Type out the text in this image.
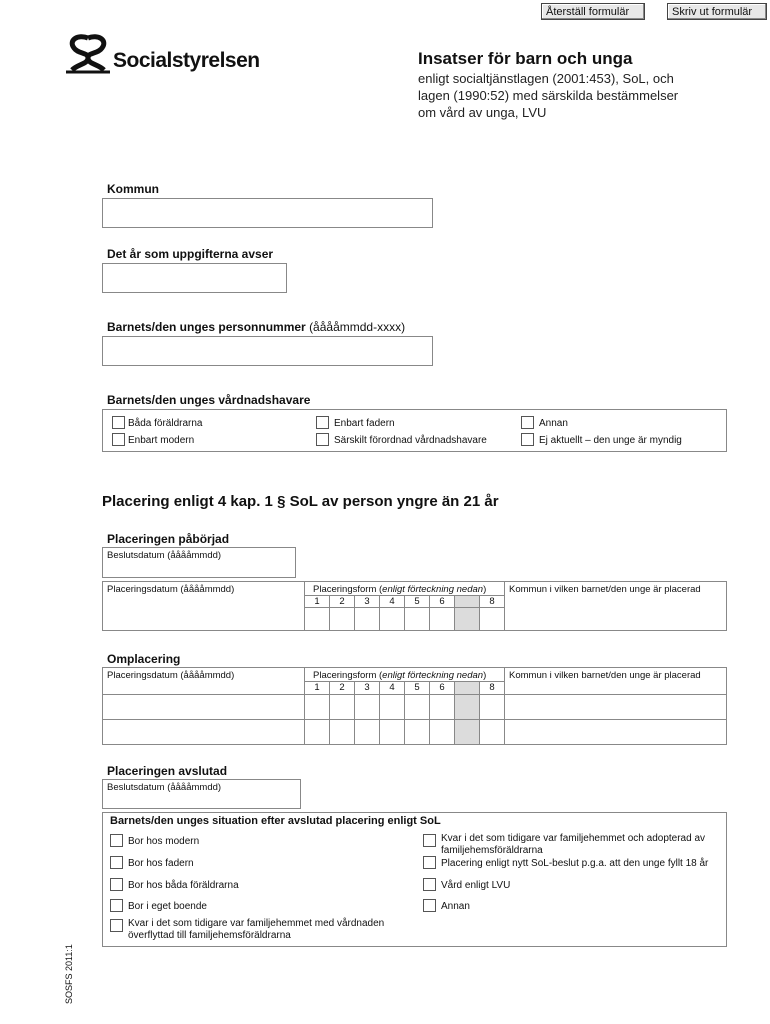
Återställ formulär	Skriv ut formulär
Socialstyrelsen	Insatser för barn och unga
enligt socialtjänstlagen (2001:453), SoL, och
lagen (1990:52) med särskilda bestämmelser
om vård av unga, LVU
Kommun
Det år som uppgifterna avser
Barnets/den unges personnummer (ååååmmdd-xxxx)
Barnets/den unges vårdnadshavare
Båda föräldrarna
Enbart modern
Enbart fadern
Särskilt förordnad vårdnadshavare
Annan
Ej aktuellt – den unge är myndig
Placering enligt 4 kap. 1 § SoL av person yngre än 21 år
Placeringen påbörjad
Beslutsdatum (ååååmmdd)
Placeringsdatum (ååååmmdd)	Placeringsform (enligt förteckning nedan)								Kommun i vilken barnet/den unge är placerad
	1	2	3	4	5	6		8	

Omplacering
Placeringsdatum (ååååmmdd)	Placeringsform (enligt förteckning nedan)								Kommun i vilken barnet/den unge är placerad
	1	2	3	4	5	6		8	

Placeringen avslutad
Beslutsdatum (ååååmmdd)
Barnets/den unges situation efter avslutad placering enligt SoL
Bor hos modern
Bor hos fadern
Bor hos båda föräldrarna
Bor i eget boende
Kvar i det som tidigare var familjehemmet med vårdnaden
överflyttad till familjehemsföräldrarna
Kvar i det som tidigare var familjehemmet och adopterad av
familjehemsföräldrarna
Placering enligt nytt SoL-beslut p.g.a. att den unge fyllt 18 år
Vård enligt LVU
Annan
SOSFS 2011:1
